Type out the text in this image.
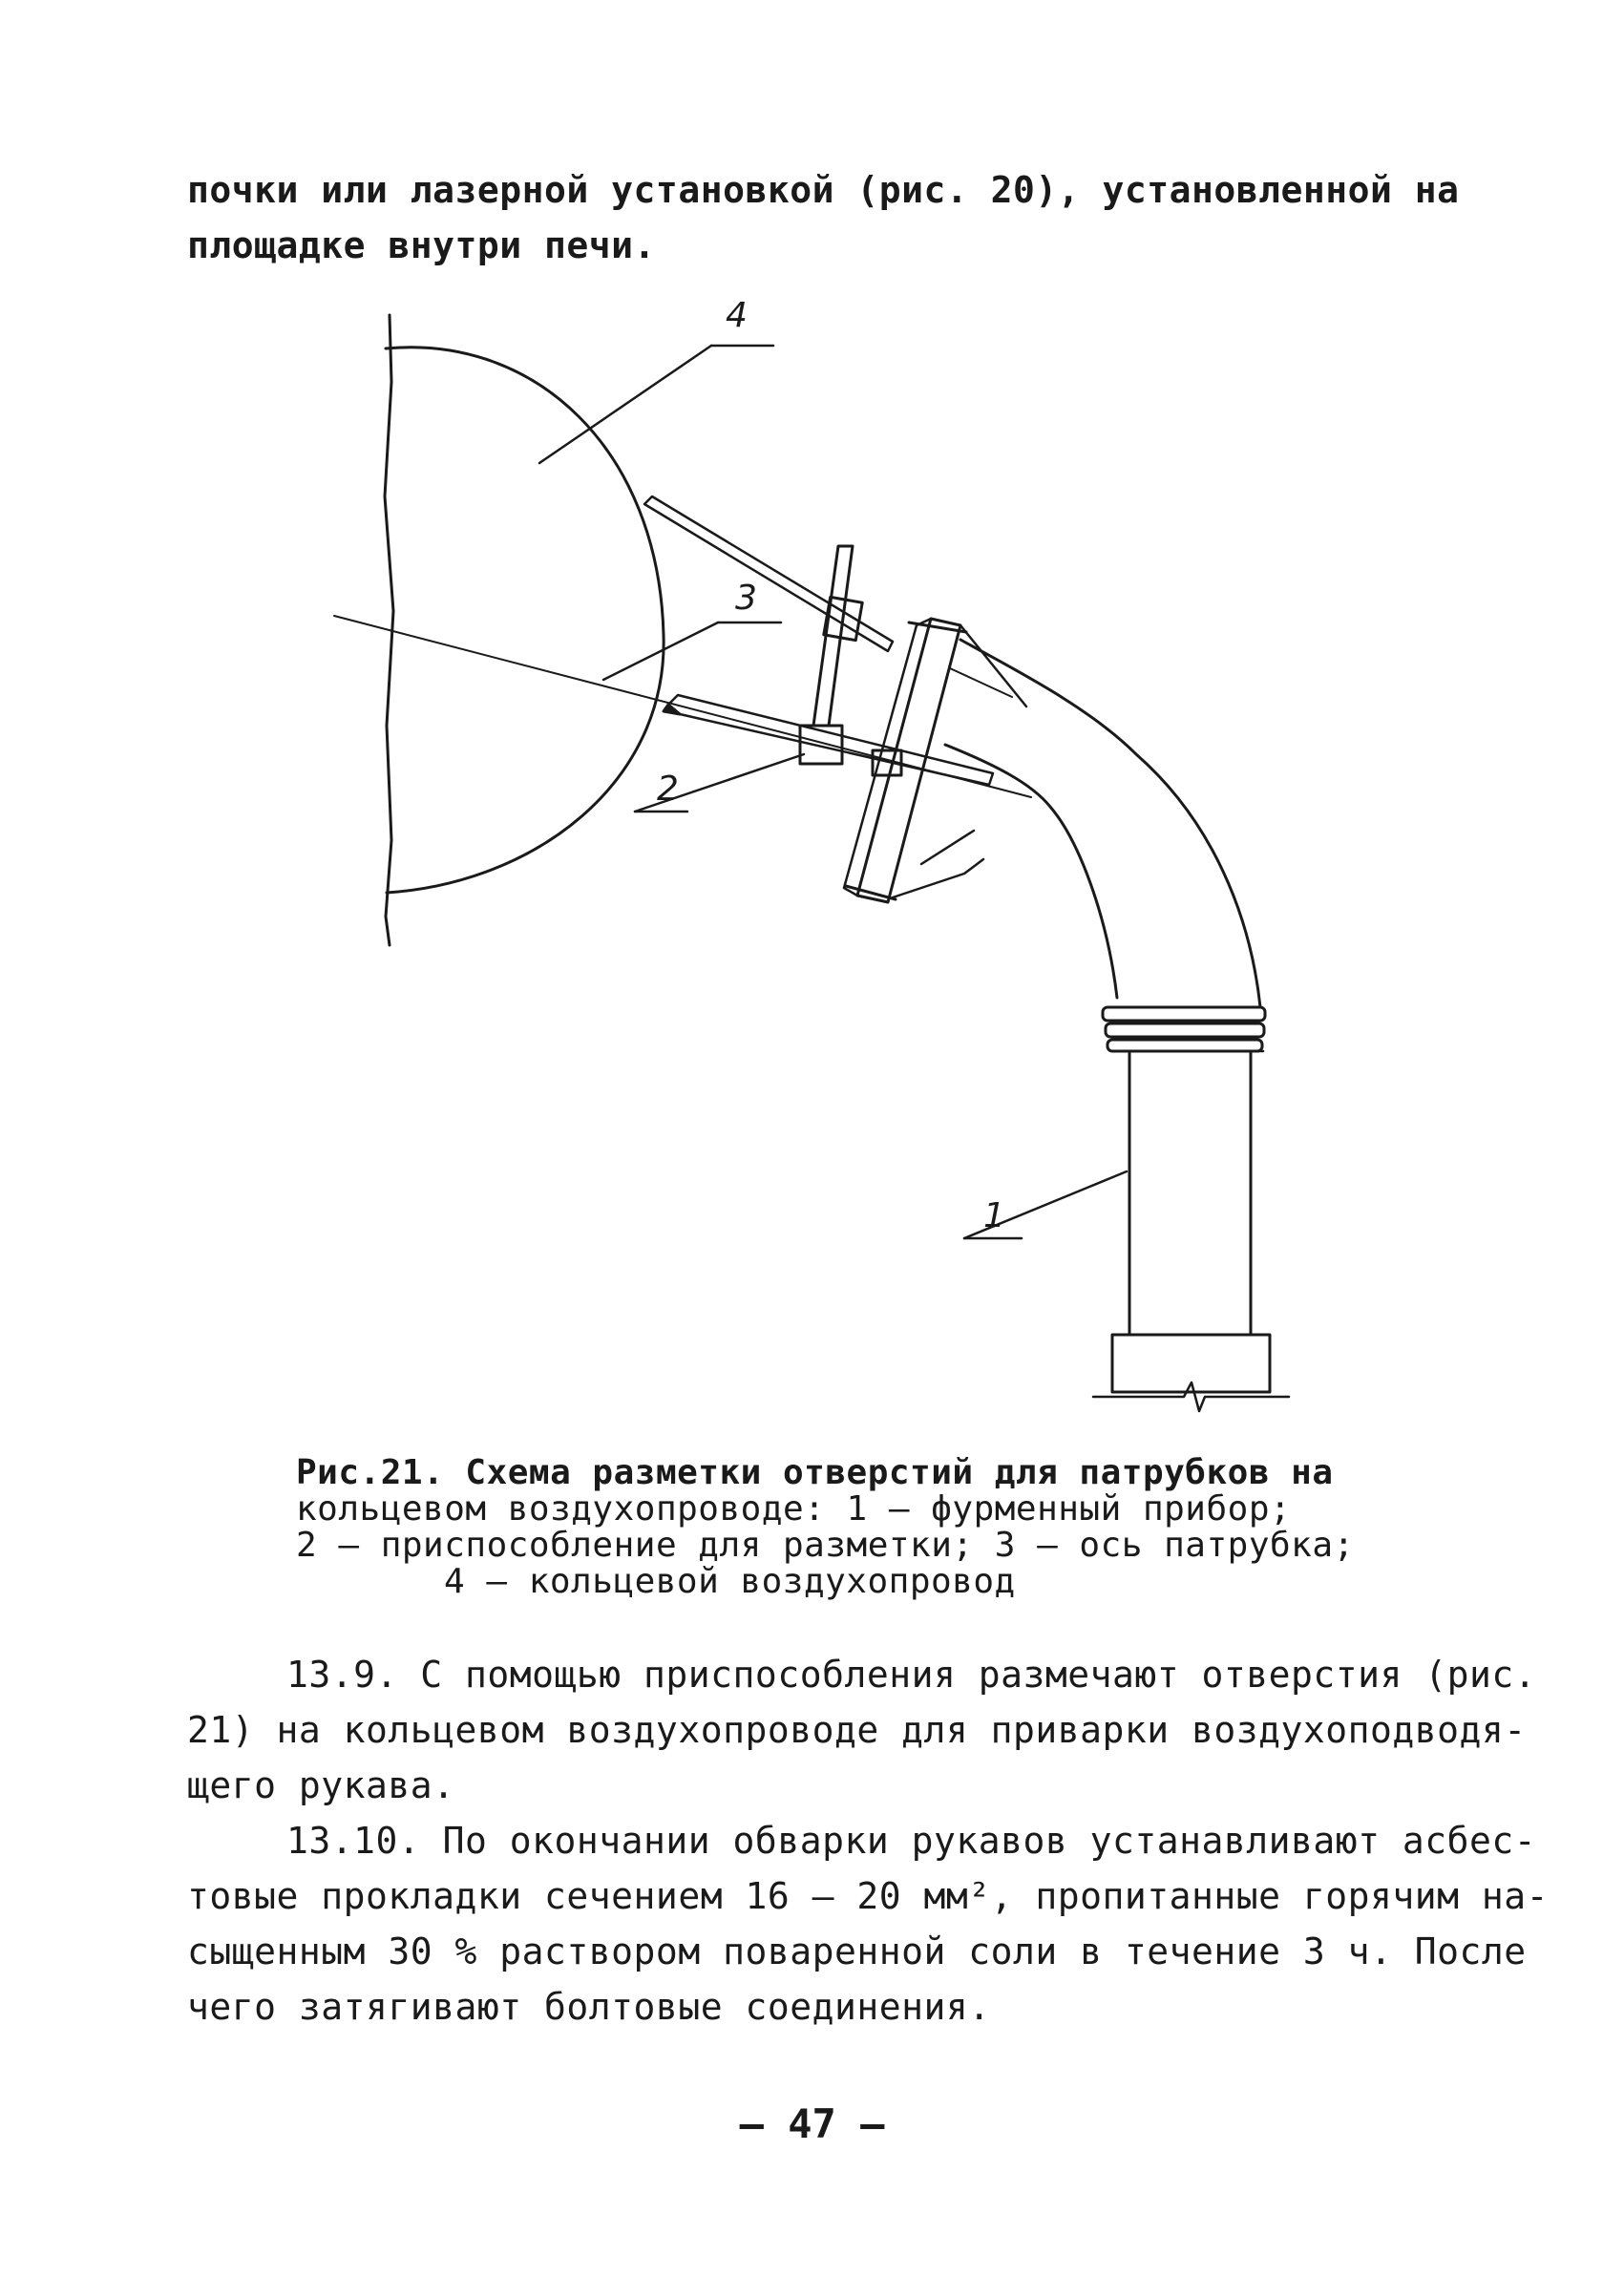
почки или лазерной установкой (рис. 20), установленной на
площадке внутри печи.
4
3
2
1
Рис.21. Схема разметки отверстий для патрубков на
кольцевом воздухопроводе: 1 – фурменный прибор;
2 – приспособление для разметки; 3 – ось патрубка;
4 – кольцевой воздухопровод
13.9. С помощью приспособления размечают отверстия (рис.
21) на кольцевом воздухопроводе для приварки воздухоподводя-
щего рукава.
13.10. По окончании обварки рукавов устанавливают асбес-
товые прокладки сечением 16 – 20 мм², пропитанные горячим на-
сыщенным 30 % раствором поваренной соли в течение 3 ч. После
чего затягивают болтовые соединения.
– 47 –
